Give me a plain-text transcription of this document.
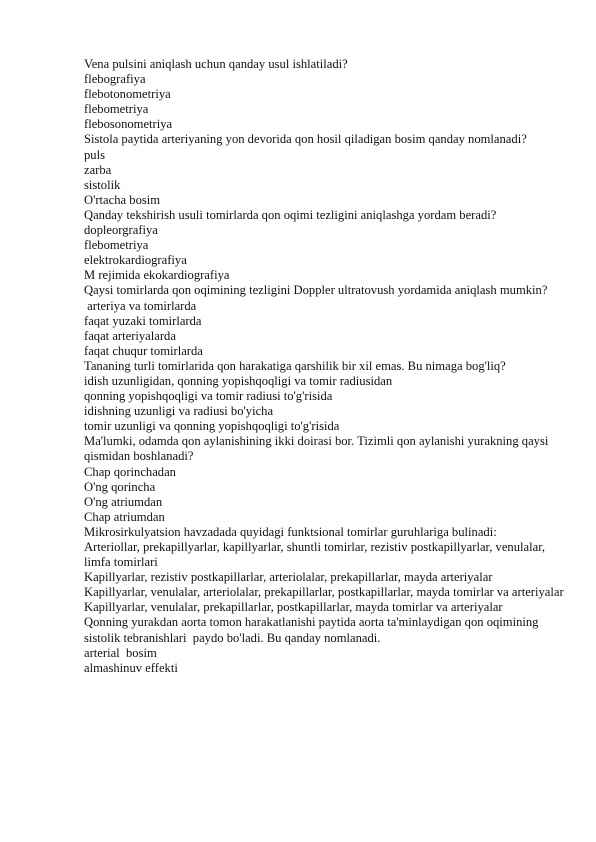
Vena pulsini aniqlash uchun qanday usul ishlatiladi?

flebografiya

flebotonometriya

flebometriya

flebosonometriya

Sistola paytida arteriyaning yon devorida qon hosil qiladigan bosim qanday nomlanadi?

puls

zarba

sistolik

O'rtacha bosim

Qanday tekshirish usuli tomirlarda qon oqimi tezligini aniqlashga yordam beradi?

dopleorgrafiya

flebometriya

elektrokardiografiya

M rejimida ekokardiografiya

Qaysi tomirlarda qon oqimining tezligini Doppler ultratovush yordamida aniqlash mumkin?

arteriya va tomirlarda

faqat yuzaki tomirlarda

faqat arteriyalarda

faqat chuqur tomirlarda

Tananing turli tomirlarida qon harakatiga qarshilik bir xil emas. Bu nimaga bog'liq?

idish uzunligidan, qonning yopishqoqligi va tomir radiusidan

qonning yopishqoqligi va tomir radiusi to'g'risida

idishning uzunligi va radiusi bo'yicha

tomir uzunligi va qonning yopishqoqligi to'g'risida

Ma'lumki, odamda qon aylanishining ikki doirasi bor. Tizimli qon aylanishi yurakning qaysi qismidan boshlanadi?

Chap qorinchadan

O'ng qorincha

O'ng atriumdan

Chap atriumdan

Mikrosirkulyatsion havzadada quyidagi funktsional tomirlar guruhlariga bulinadi:

Arteriollar, prekapillyarlar, kapillyarlar, shuntli tomirlar, rezistiv postkapillyarlar, venulalar, limfa tomirlari

Kapillyarlar, rezistiv postkapillarlar, arteriolalar, prekapillarlar, mayda arteriyalar

Kapillyarlar, venulalar, arteriolalar, prekapillarlar, postkapillarlar, mayda tomirlar va arteriyalar

Kapillyarlar, venulalar, prekapillarlar, postkapillarlar, mayda tomirlar va arteriyalar

Qonning yurakdan aorta tomon harakatlanishi paytida aorta ta'minlaydigan qon oqimining sistolik tebranishlari  paydo bo'ladi. Bu qanday nomlanadi.

arterial  bosim

almashinuv effekti
